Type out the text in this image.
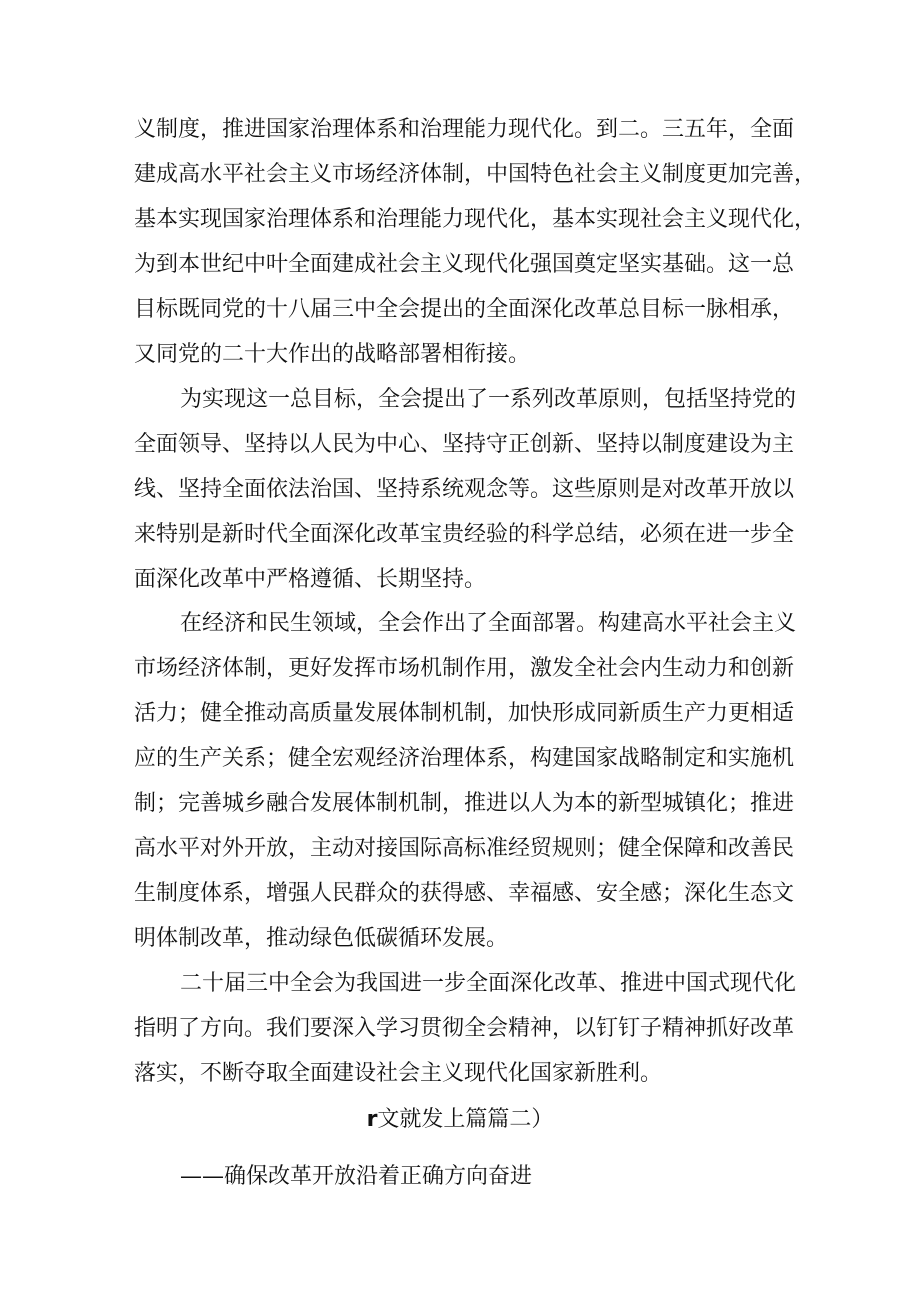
义制度，推进国家治理体系和治理能力现代化。到二。三五年，全面
建成高水平社会主义市场经济体制，中国特色社会主义制度更加完善，
基本实现国家治理体系和治理能力现代化，基本实现社会主义现代化，
为到本世纪中叶全面建成社会主义现代化强国奠定坚实基础。这一总
目标既同党的十八届三中全会提出的全面深化改革总目标一脉相承，
又同党的二十大作出的战略部署相衔接。
为实现这一总目标，全会提出了一系列改革原则，包括坚持党的
全面领导、坚持以人民为中心、坚持守正创新、坚持以制度建设为主
线、坚持全面依法治国、坚持系统观念等。这些原则是对改革开放以
来特别是新时代全面深化改革宝贵经验的科学总结，必须在进一步全
面深化改革中严格遵循、长期坚持。
在经济和民生领域，全会作出了全面部署。构建高水平社会主义
市场经济体制，更好发挥市场机制作用，激发全社会内生动力和创新
活力；健全推动高质量发展体制机制，加快形成同新质生产力更相适
应的生产关系；健全宏观经济治理体系，构建国家战略制定和实施机
制；完善城乡融合发展体制机制，推进以人为本的新型城镇化；推进
高水平对外开放，主动对接国际高标准经贸规则；健全保障和改善民
生制度体系，增强人民群众的获得感、幸福感、安全感；深化生态文
明体制改革，推动绿色低碳循环发展。
二十届三中全会为我国进一步全面深化改革、推进中国式现代化
指明了方向。我们要深入学习贯彻全会精神，以钉钉子精神抓好改革
落实，不断夺取全面建设社会主义现代化国家新胜利。
r文就发上篇篇二）
——确保改革开放沿着正确方向奋进
